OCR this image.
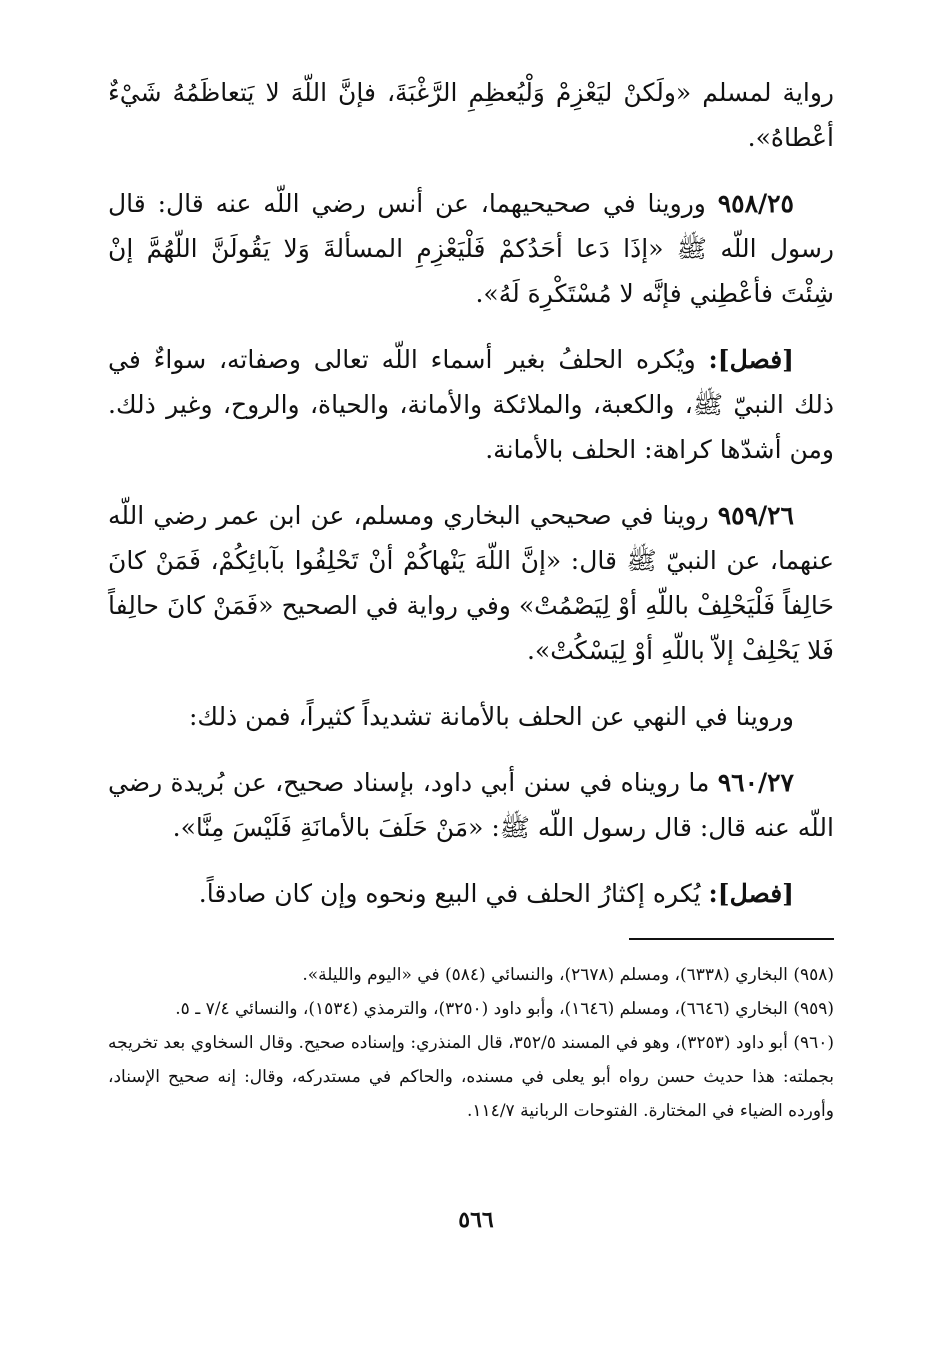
رواية لمسلم «ولَكنْ ليَعْزِمْ وَلْيُعظِمِ الرَّغْبَةَ، فإنَّ اللّهَ لا يَتعاظَمُهُ شَيْءٌ أعْطاهُ».

٩٥٨/٢٥ وروينا في صحيحيهما، عن أنس رضي اللّه عنه قال: قال رسول اللّه ﷺ «إذَا دَعا أحَدُكمْ فَلْيَعْزِمِ المسألةَ وَلا يَقُولَنَّ اللّهُمَّ إنْ شِئْتَ فأعْطِني فإنَّه لا مُسْتَكْرِهَ لَهُ».

[فصل]: ويُكره الحلفُ بغير أسماء اللّه تعالى وصفاته، سواءٌ في ذلك النبيّ ﷺ، والكعبة، والملائكة والأمانة، والحياة، والروح، وغير ذلك. ومن أشدّها كراهة: الحلف بالأمانة.

٩٥٩/٢٦ روينا في صحيحي البخاري ومسلم، عن ابن عمر رضي اللّه عنهما، عن النبيّ ﷺ قال: «إنَّ اللّهَ يَنْهاكُمْ أنْ تَحْلِفُوا بآبائِكُمْ، فَمَنْ كانَ حَالِفاً فَلْيَحْلِفْ باللّهِ أوْ لِيَصْمُتْ» وفي رواية في الصحيح «فَمَنْ كانَ حالِفاً فَلا يَحْلِفْ إلاّ باللّهِ أوْ لِيَسْكُتْ».

وروينا في النهي عن الحلف بالأمانة تشديداً كثيراً، فمن ذلك:

٩٦٠/٢٧ ما رويناه في سنن أبي داود، بإسناد صحيح، عن بُريدة رضي اللّه عنه قال: قال رسول اللّه ﷺ: «مَنْ حَلَفَ بالأمانَةِ فَلَيْسَ مِنَّا».

[فصل]: يُكره إكثارُ الحلف في البيع ونحوه وإن كان صادقاً.

(٩٥٨) البخاري (٦٣٣٨)، ومسلم (٢٦٧٨)، والنسائي (٥٨٤) في «اليوم والليلة».

(٩٥٩) البخاري (٦٦٤٦)، ومسلم (١٦٤٦)، وأبو داود (٣٢٥٠)، والترمذي (١٥٣٤)، والنسائي ٧/٤ ـ ٥.

(٩٦٠) أبو داود (٣٢٥٣)، وهو في المسند ٣٥٢/٥، قال المنذري: وإسناده صحيح. وقال السخاوي بعد تخريجه بجملته: هذا حديث حسن رواه أبو يعلى في مسنده، والحاكم في مستدركه، وقال: إنه صحيح الإسناد، وأورده الضياء في المختارة. الفتوحات الربانية ١١٤/٧.

٥٦٦
